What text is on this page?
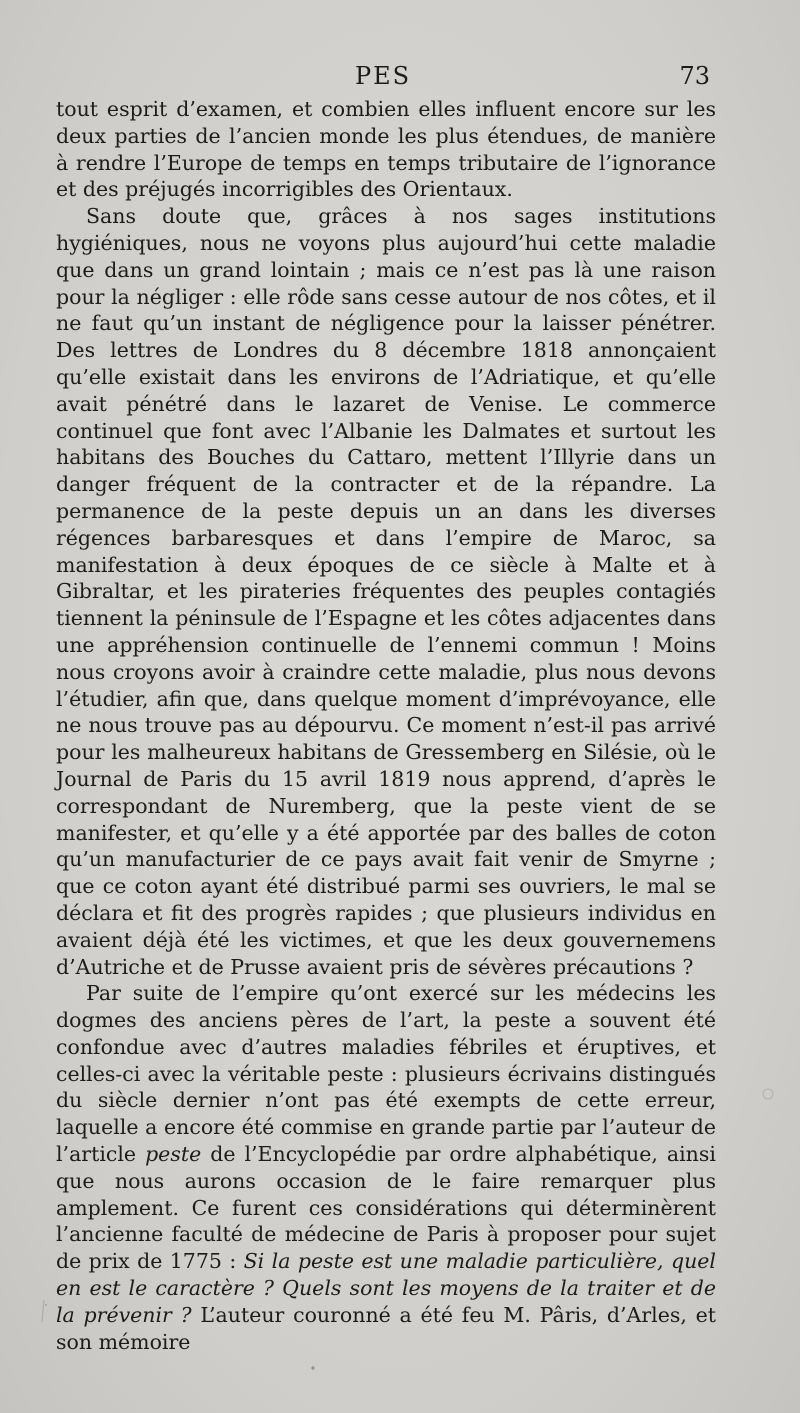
PES	73

tout esprit d’examen, et combien elles influent encore sur les deux parties de l’ancien monde les plus étendues, de manière à rendre l’Europe de temps en temps tributaire de l’ignorance et des préjugés incorrigibles des Orientaux.

Sans doute que, grâces à nos sages institutions hygiéniques, nous ne voyons plus aujourd’hui cette maladie que dans un grand lointain ; mais ce n’est pas là une raison pour la négliger : elle rôde sans cesse autour de nos côtes, et il ne faut qu’un instant de négligence pour la laisser pénétrer. Des lettres de Londres du 8 décembre 1818 annonçaient qu’elle existait dans les environs de l’Adriatique, et qu’elle avait pénétré dans le lazaret de Venise. Le commerce continuel que font avec l’Albanie les Dalmates et surtout les habitans des Bouches du Cattaro, mettent l’Illyrie dans un danger fréquent de la contracter et de la répandre. La permanence de la peste depuis un an dans les diverses régences barbaresques et dans l’empire de Maroc, sa manifestation à deux époques de ce siècle à Malte et à Gibraltar, et les pirateries fréquentes des peuples contagiés tiennent la péninsule de l’Espagne et les côtes adjacentes dans une appréhension continuelle de l’ennemi commun ! Moins nous croyons avoir à craindre cette maladie, plus nous devons l’étudier, afin que, dans quelque moment d’imprévoyance, elle ne nous trouve pas au dépourvu. Ce moment n’est-il pas arrivé pour les malheureux habitans de Gressemberg en Silésie, où le Journal de Paris du 15 avril 1819 nous apprend, d’après le correspondant de Nuremberg, que la peste vient de se manifester, et qu’elle y a été apportée par des balles de coton qu’un manufacturier de ce pays avait fait venir de Smyrne ; que ce coton ayant été distribué parmi ses ouvriers, le mal se déclara et fit des progrès rapides ; que plusieurs individus en avaient déjà été les victimes, et que les deux gouvernemens d’Autriche et de Prusse avaient pris de sévères précautions ?

Par suite de l’empire qu’ont exercé sur les médecins les dogmes des anciens pères de l’art, la peste a souvent été confondue avec d’autres maladies fébriles et éruptives, et celles-ci avec la véritable peste : plusieurs écrivains distingués du siècle dernier n’ont pas été exempts de cette erreur, laquelle a encore été commise en grande partie par l’auteur de l’article peste de l’Encyclopédie par ordre alphabétique, ainsi que nous aurons occasion de le faire remarquer plus amplement. Ce furent ces considérations qui déterminèrent l’ancienne faculté de médecine de Paris à proposer pour sujet de prix de 1775 : Si la peste est une maladie particulière, quel en est le caractère ? Quels sont les moyens de la traiter et de la prévenir ? L’auteur couronné a été feu M. Pâris, d’Arles, et son mémoire
